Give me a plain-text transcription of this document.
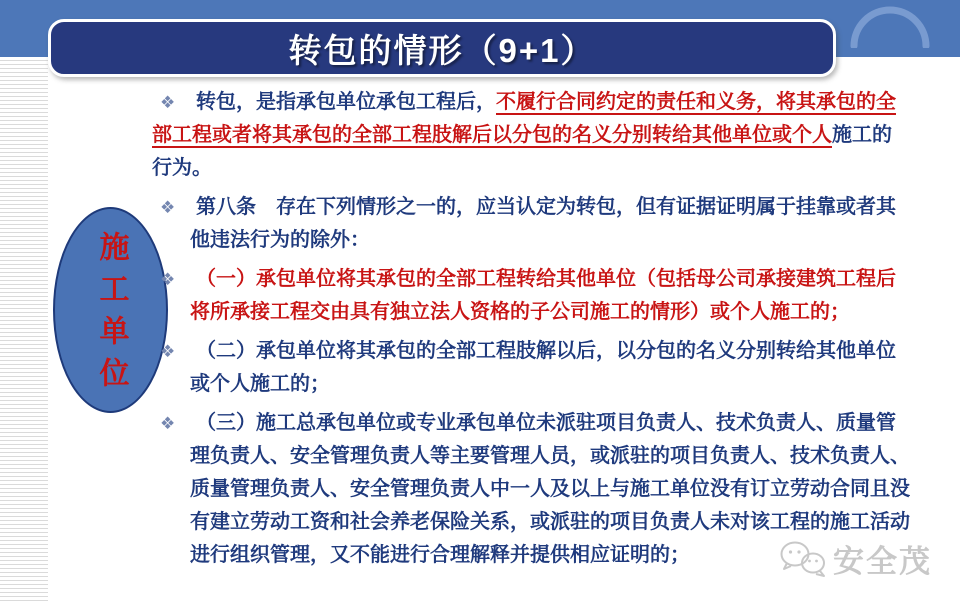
转包的情形（9+1）
施工单位
❖ 转包，是指承包单位承包工程后，不履行合同约定的责任和义务，将其承包的全部工程或者将其承包的全部工程肢解后以分包的名义分别转给其他单位或个人施工的行为。
❖ 第八条　存在下列情形之一的，应当认定为转包，但有证据证明属于挂靠或者其他违法行为的除外：
❖ （一）承包单位将其承包的全部工程转给其他单位（包括母公司承接建筑工程后将所承接工程交由具有独立法人资格的子公司施工的情形）或个人施工的；
❖ （二）承包单位将其承包的全部工程肢解以后，以分包的名义分别转给其他单位或个人施工的；
❖ （三）施工总承包单位或专业承包单位未派驻项目负责人、技术负责人、质量管理负责人、安全管理负责人等主要管理人员，或派驻的项目负责人、技术负责人、质量管理负责人、安全管理负责人中一人及以上与施工单位没有订立劳动合同且没有建立劳动工资和社会养老保险关系，或派驻的项目负责人未对该工程的施工活动进行组织管理，又不能进行合理解释并提供相应证明的；	安全茂
